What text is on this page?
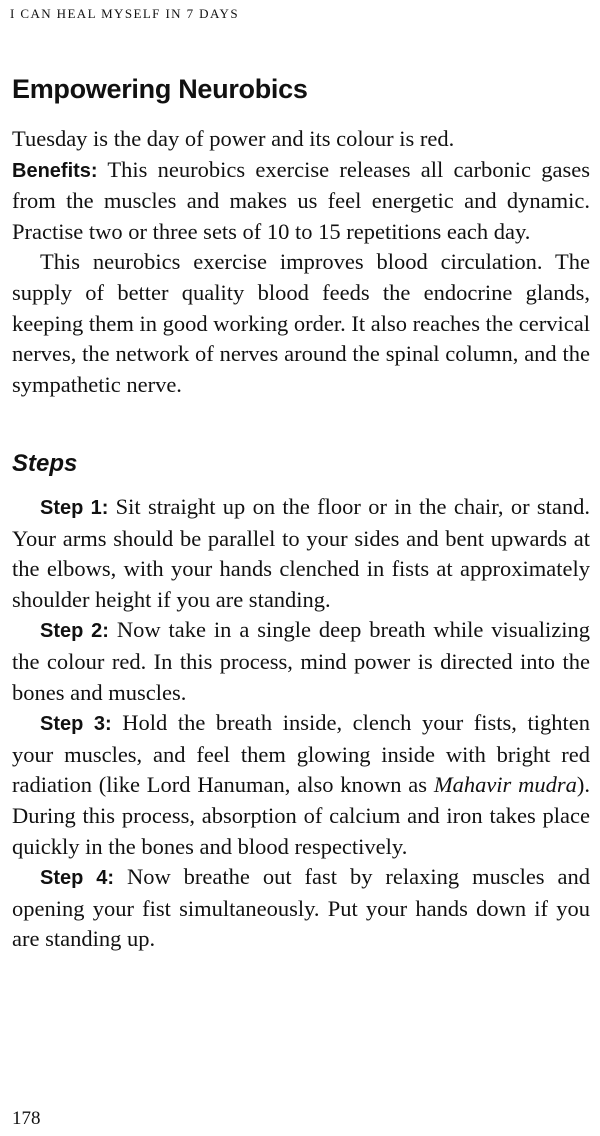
I CAN HEAL MYSELF IN 7 DAYS
Empowering Neurobics

Tuesday is the day of power and its colour is red.

Benefits: This neurobics exercise releases all carbonic gases from the muscles and makes us feel energetic and dynamic. Practise two or three sets of 10 to 15 repetitions each day.

This neurobics exercise improves blood circulation. The supply of better quality blood feeds the endocrine glands, keeping them in good working order. It also reaches the cervical nerves, the network of nerves around the spinal column, and the sympathetic nerve.

Steps

Step 1: Sit straight up on the floor or in the chair, or stand. Your arms should be parallel to your sides and bent upwards at the elbows, with your hands clenched in fists at approximately shoulder height if you are standing.

Step 2: Now take in a single deep breath while visualizing the colour red. In this process, mind power is directed into the bones and muscles.

Step 3: Hold the breath inside, clench your fists, tighten your muscles, and feel them glowing inside with bright red radiation (like Lord Hanuman, also known as Mahavir mudra). During this process, absorption of calcium and iron takes place quickly in the bones and blood respectively.

Step 4: Now breathe out fast by relaxing muscles and opening your fist simultaneously. Put your hands down if you are standing up.

178
